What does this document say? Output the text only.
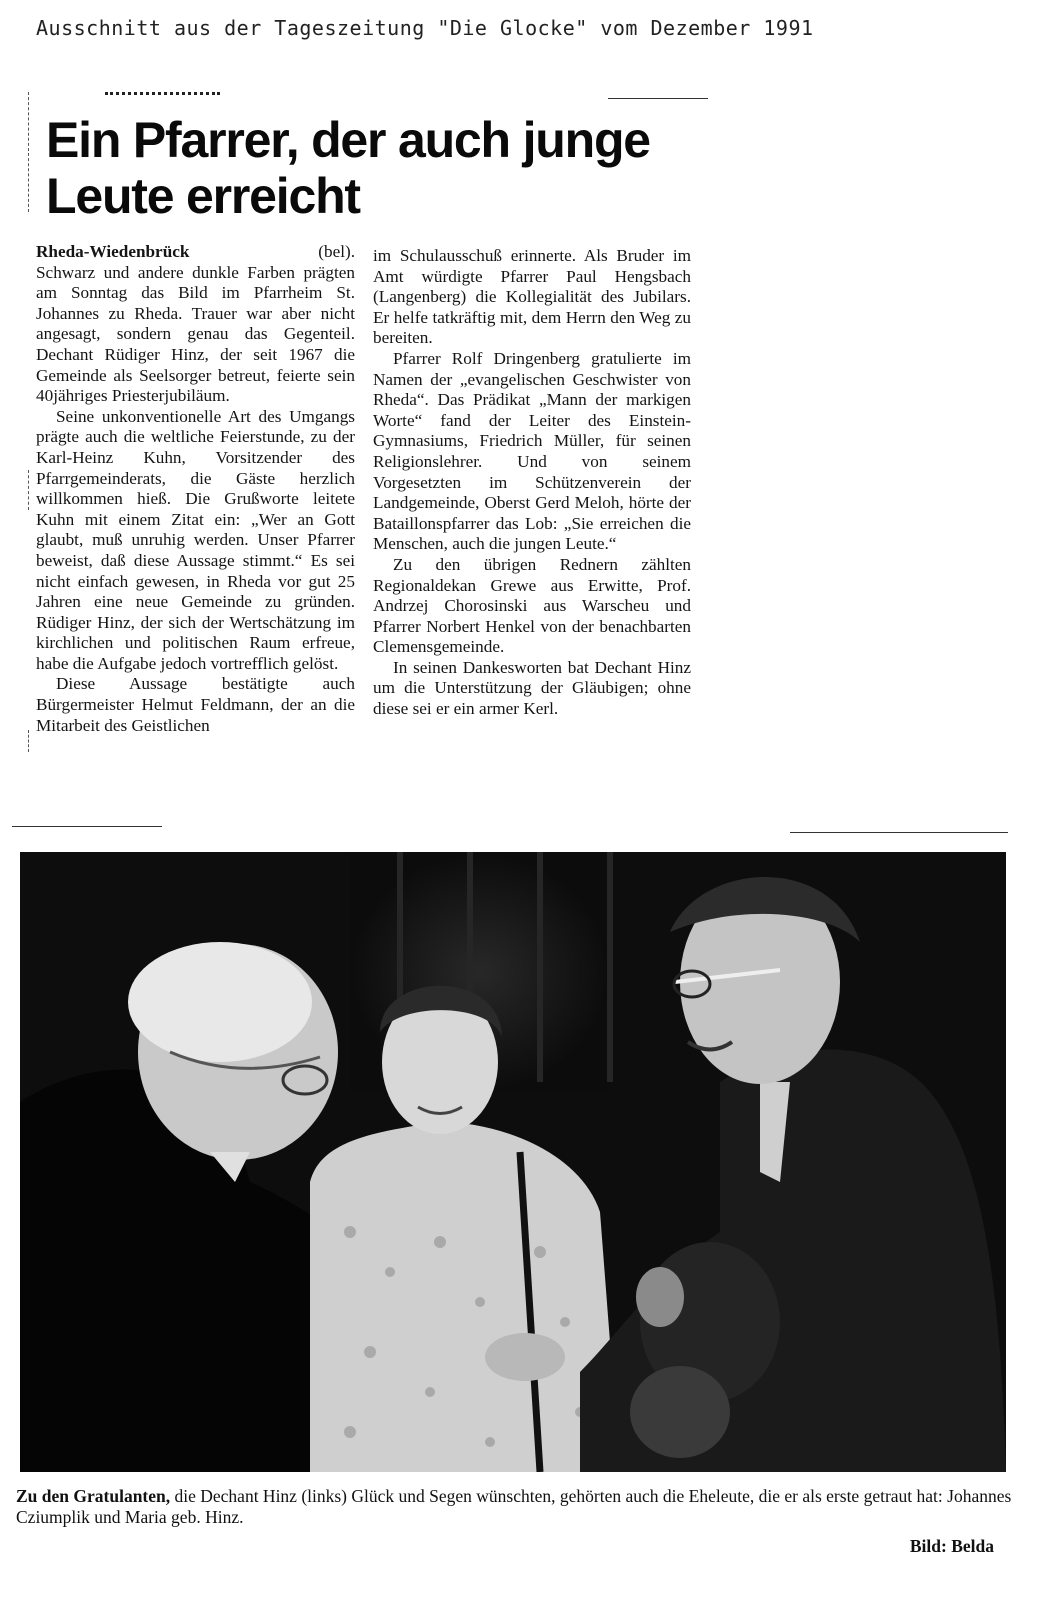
Ausschnitt aus der Tageszeitung "Die Glocke" vom Dezember 1991
Ein Pfarrer, der auch junge Leute erreicht

Rheda-Wiedenbrück	(bel).

Schwarz und andere dunkle Farben prägten am Sonntag das Bild im Pfarrheim St. Johannes zu Rheda. Trauer war aber nicht angesagt, sondern genau das Gegenteil. Dechant Rüdiger Hinz, der seit 1967 die Gemeinde als Seelsorger betreut, feierte sein 40jähriges Priesterjubiläum.

Seine unkonventionelle Art des Umgangs prägte auch die weltliche Feierstunde, zu der Karl-Heinz Kuhn, Vorsitzender des Pfarrgemeinderats, die Gäste herzlich willkommen hieß. Die Grußworte leitete Kuhn mit einem Zitat ein: „Wer an Gott glaubt, muß unruhig werden. Unser Pfarrer beweist, daß diese Aussage stimmt.“ Es sei nicht einfach gewesen, in Rheda vor gut 25 Jahren eine neue Gemeinde zu gründen. Rüdiger Hinz, der sich der Wertschätzung im kirchlichen und politischen Raum erfreue, habe die Aufgabe jedoch vortrefflich gelöst.

Diese Aussage bestätigte auch Bürgermeister Helmut Feldmann, der an die Mitarbeit des Geistlichen

im Schulausschuß erinnerte. Als Bruder im Amt würdigte Pfarrer Paul Hengsbach (Langenberg) die Kollegialität des Jubilars. Er helfe tatkräftig mit, dem Herrn den Weg zu bereiten.

Pfarrer Rolf Dringenberg gratulierte im Namen der „evangelischen Geschwister von Rheda“. Das Prädikat „Mann der markigen Worte“ fand der Leiter des Einstein-Gymnasiums, Friedrich Müller, für seinen Religionslehrer. Und von seinem Vorgesetzten im Schützenverein der Landgemeinde, Oberst Gerd Meloh, hörte der Bataillonspfarrer das Lob: „Sie erreichen die Menschen, auch die jungen Leute.“

Zu den übrigen Rednern zählten Regionaldekan Grewe aus Erwitte, Prof. Andrzej Chorosinski aus Warscheu und Pfarrer Norbert Henkel von der benachbarten Clemensgemeinde.

In seinen Dankesworten bat Dechant Hinz um die Unterstützung der Gläubigen; ohne diese sei er ein armer Kerl.

Zu den Gratulanten, die Dechant Hinz (links) Glück und Segen wünschten, gehörten auch die Eheleute, die er als erste getraut hat: Johannes Cziumplik und Maria geb. Hinz.
Bild: Belda
